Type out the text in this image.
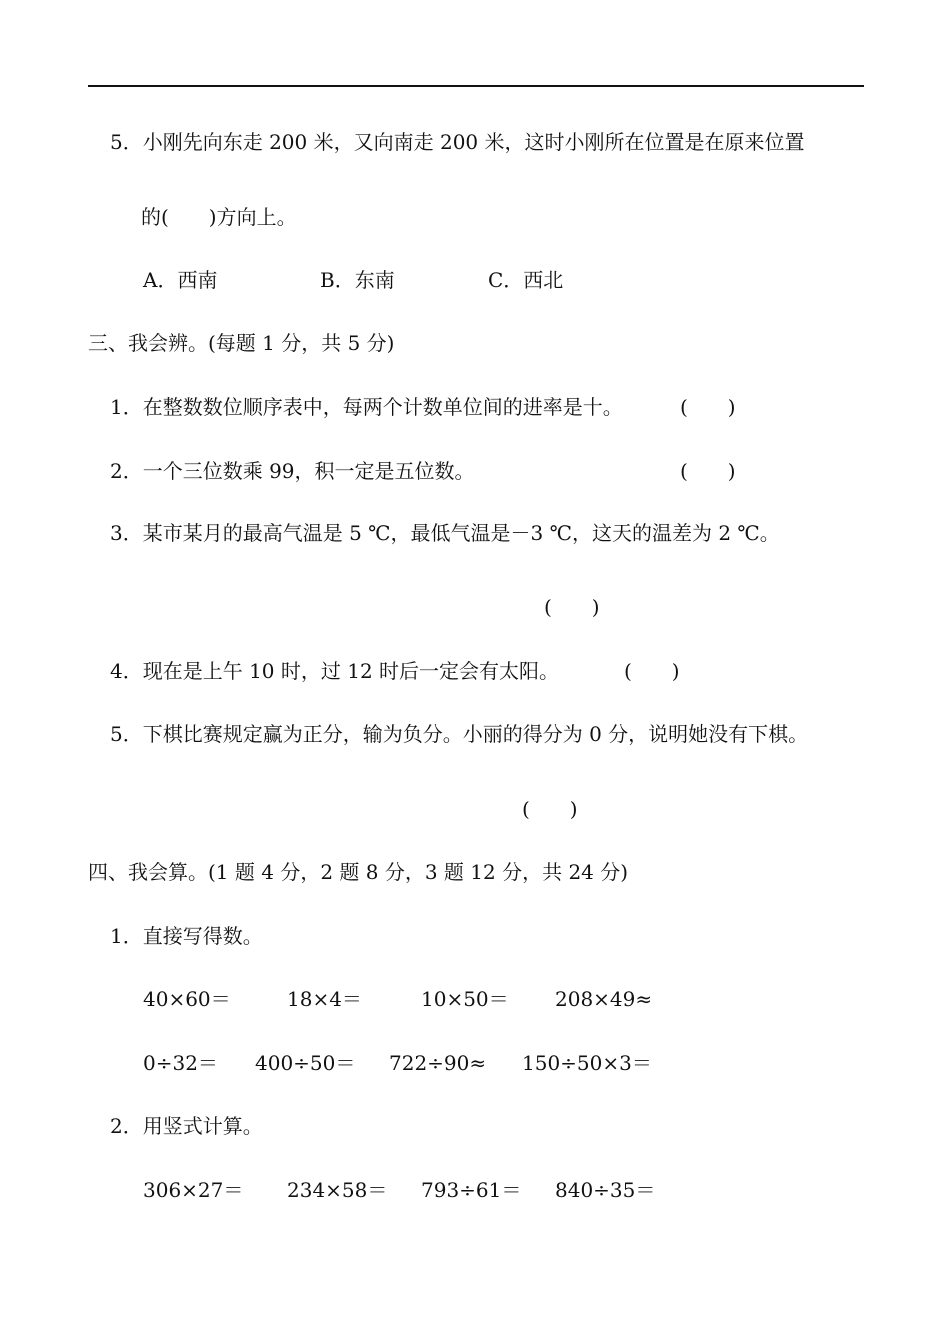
5．小刚先向东走 200 米，又向南走 200 米，这时小刚所在位置是在原来位置
的(　　)方向上。
A．西南	B．东南	C．西北
三、我会辨。(每题 1 分，共 5 分)
1．在整数数位顺序表中，每两个计数单位间的进率是十。	(　　)
2．一个三位数乘 99，积一定是五位数。	(　　)
3．某市某月的最高气温是 5 ℃，最低气温是－3 ℃，这天的温差为 2 ℃。
(　　)
4．现在是上午 10 时，过 12 时后一定会有太阳。	(　　)
5．下棋比赛规定赢为正分，输为负分。小丽的得分为 0 分，说明她没有下棋。
(　　)
四、我会算。(1 题 4 分，2 题 8 分，3 题 12 分，共 24 分)
1．直接写得数。
40×60＝	18×4＝	10×50＝ 208×49≈
0÷32＝ 400÷50＝ 722÷90≈ 150÷50×3＝
2．用竖式计算。
306×27＝ 234×58＝ 793÷61＝ 840÷35＝
